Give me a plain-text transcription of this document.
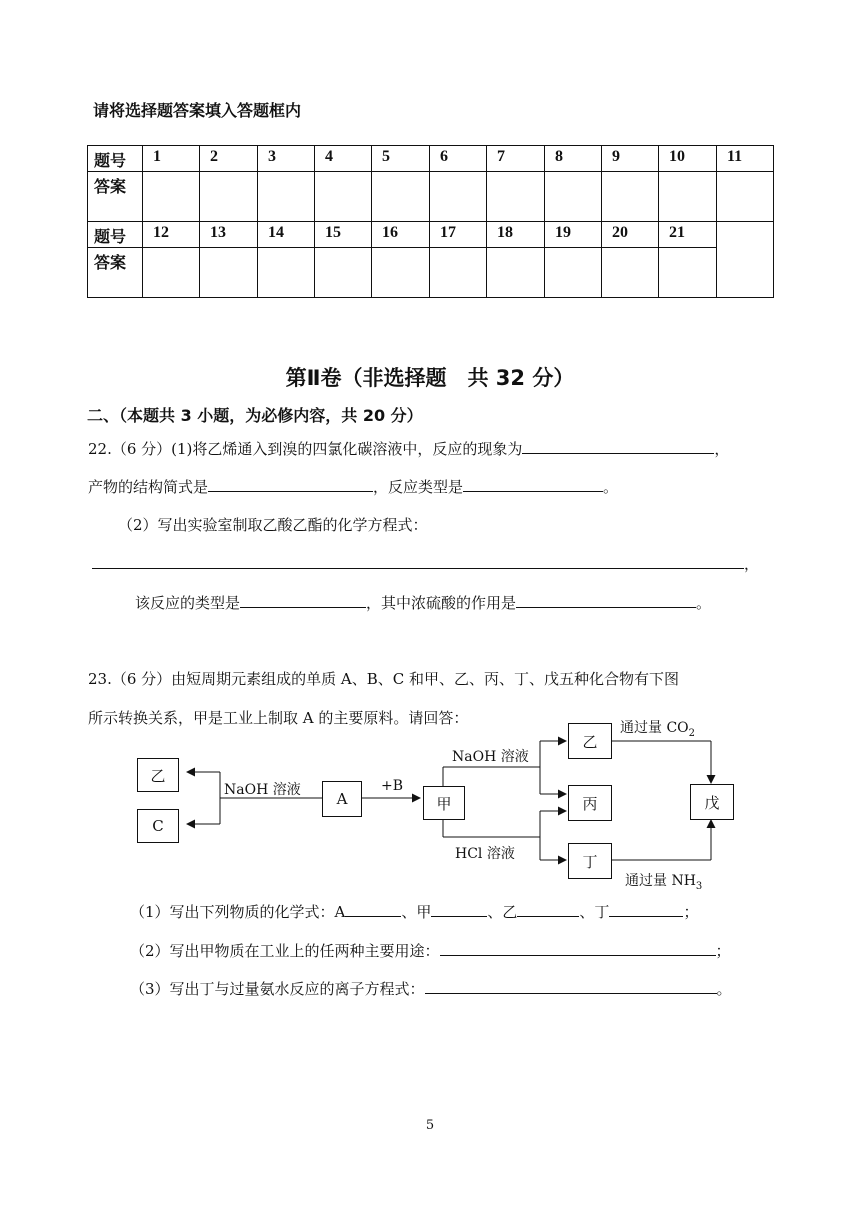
请将选择题答案填入答题框内
题号	1	2	3	4	5	6	7	8	9	10	11
答案											
题号	12	13	14	15	16	17	18	19	20	21	
答案											
第Ⅱ卷（非选择题　共 32 分）
二、（本题共 3 小题，为必修内容，共 20 分）
22.（6 分）(1)将乙烯通入到溴的四氯化碳溶液中，反应的现象为	，
产物的结构简式是	，反应类型是	。
（2）写出实验室制取乙酸乙酯的化学方程式：
，
该反应的类型是	，其中浓硫酸的作用是	。
23.（6 分）由短周期元素组成的单质 A、B、C 和甲、乙、丙、丁、戊五种化合物有下图
所示转换关系，甲是工业上制取 A 的主要原料。请回答：
乙
C
A	甲
乙
丙
丁
戊
NaOH 溶液	+B
NaOH 溶液
HCl 溶液
通过量 $CO_2$
通过量 $NH_3$
（1）写出下列物质的化学式：A	、甲	、乙	、丁	；
（2）写出甲物质在工业上的任两种主要用途：	；
（3）写出丁与过量氨水反应的离子方程式：	。
5
